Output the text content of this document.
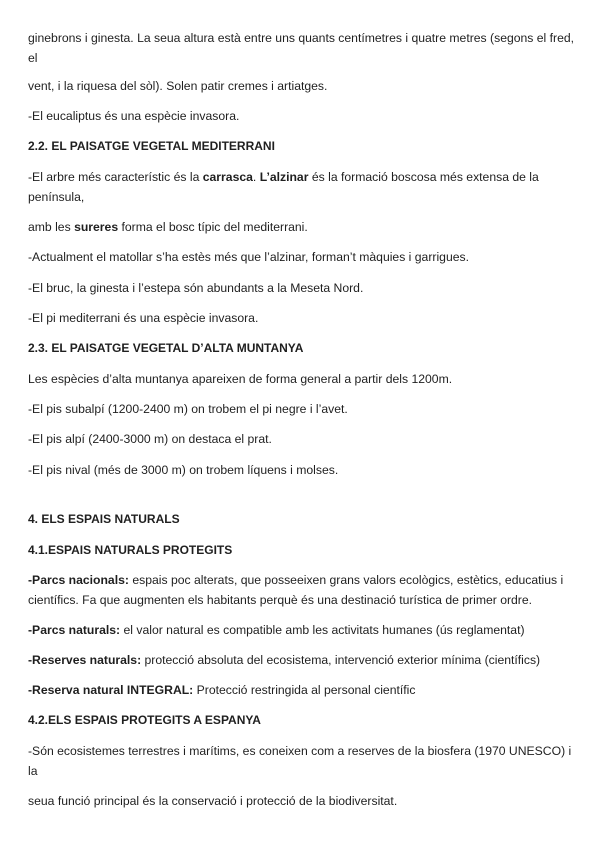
ginebrons i ginesta. La seua altura està entre uns quants centímetres i quatre metres (segons el fred, el

vent, i la riquesa del sòl). Solen patir cremes i artiatges.

-El eucaliptus és una espècie invasora.

2.2. EL PAISATGE VEGETAL MEDITERRANI

-El arbre més característic és la carrasca. L’alzinar és la formació boscosa més extensa de la península,

amb les sureres forma el bosc típic del mediterrani.

-Actualment el matollar s’ha estès més que l’alzinar, forman’t màquies i garrigues.

-El bruc, la ginesta i l’estepa són abundants a la Meseta Nord.

-El pi mediterrani és una espècie invasora.

2.3. EL PAISATGE VEGETAL D’ALTA MUNTANYA

Les espècies d’alta muntanya apareixen de forma general a partir dels 1200m.

-El pis subalpí (1200-2400 m) on trobem el pi negre i l’avet.

-El pis alpí (2400-3000 m) on destaca el prat.

-El pis nival (més de 3000 m) on trobem líquens i molses.

4. ELS ESPAIS NATURALS

4.1.ESPAIS NATURALS PROTEGITS

-Parcs nacionals: espais poc alterats, que posseeixen grans valors ecològics, estètics, educatius i científics. Fa que augmenten els habitants perquè és una destinació turística de primer ordre.

-Parcs naturals: el valor natural es compatible amb les activitats humanes (ús reglamentat)

-Reserves naturals: protecció absoluta del ecosistema, intervenció exterior mínima (científics)

-Reserva natural INTEGRAL: Protecció restringida al personal científic

4.2.ELS ESPAIS PROTEGITS A ESPANYA

-Són ecosistemes terrestres i marítims, es coneixen com a reserves de la biosfera (1970 UNESCO) i la

seua funció principal és la conservació i protecció de la biodiversitat.
